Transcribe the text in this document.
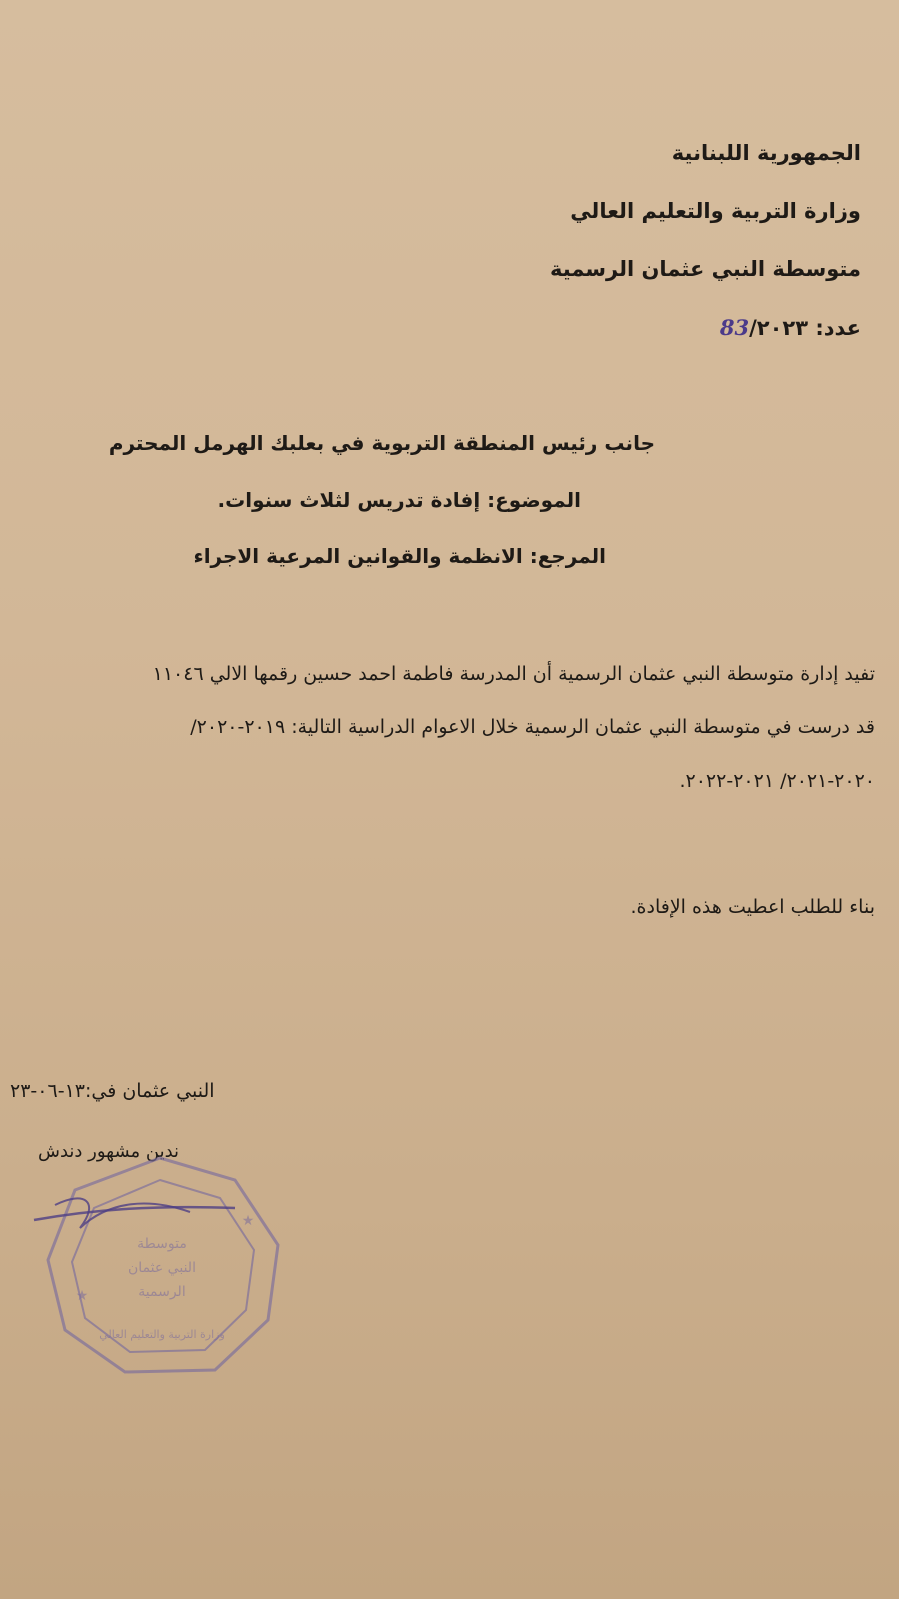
الجمهورية اللبنانية
وزارة التربية والتعليم العالي
متوسطة النبي عثمان الرسمية
عدد: 83/٢٠٢٣
جانب رئيس المنطقة التربوية في بعلبك الهرمل المحترم
الموضوع: إفادة تدريس لثلاث سنوات.
المرجع: الانظمة والقوانين المرعية الاجراء
تفيد إدارة متوسطة النبي عثمان الرسمية أن المدرسة فاطمة احمد حسين رقمها الالي ١١٠٤٦
قد درست في متوسطة النبي عثمان الرسمية خلال الاعوام الدراسية التالية: ٢٠١٩-٢٠٢٠/
٢٠٢٠-٢٠٢١/ ٢٠٢١-٢٠٢٢.
بناء للطلب اعطيت هذه الإفادة.
النبي عثمان في:١٣-٠٦-٢٣
ندين مشهور دندش
متوسطة
النبي عثمان
الرسمية
وزارة التربية والتعليم العالي
★
★
